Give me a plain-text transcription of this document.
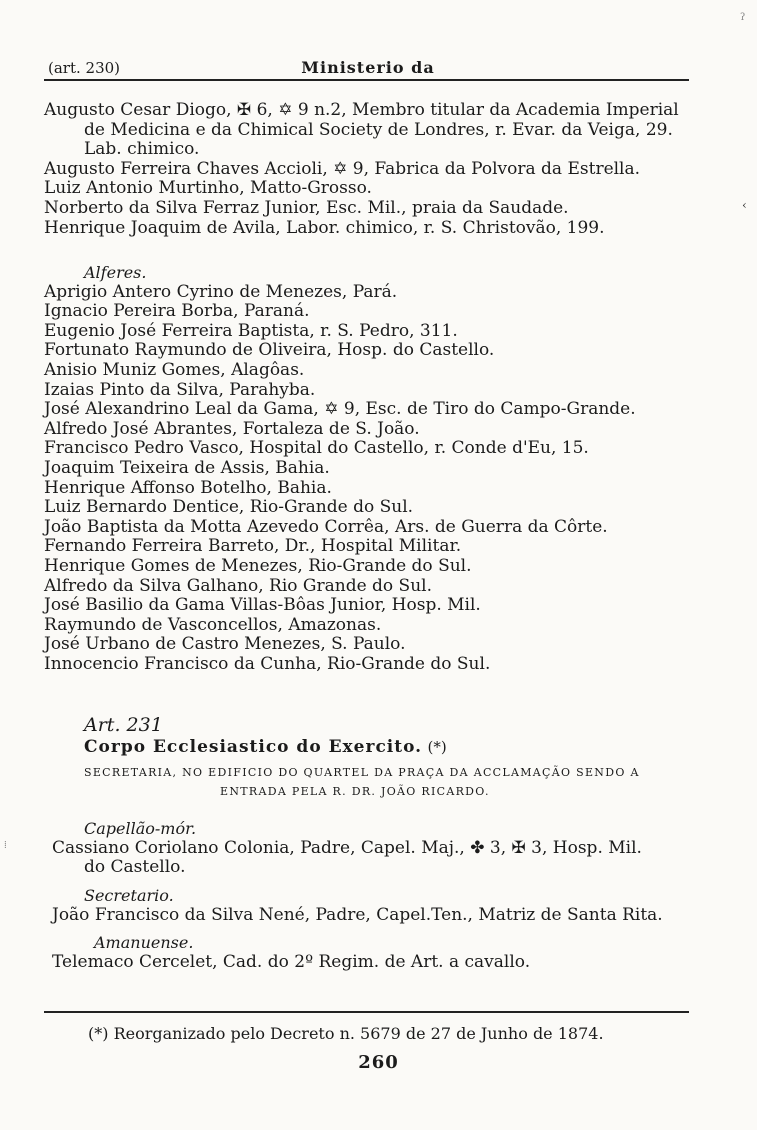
(art. 230)	Ministerio da
Augusto Cesar Diogo, ✠ 6, ✡ 9 n.2, Membro titular da Academia Imperial
de Medicina e da Chimical Society de Londres, r. Evar. da Veiga, 29.
Lab. chimico.
Augusto Ferreira Chaves Accioli, ✡ 9, Fabrica da Polvora da Estrella.
Luiz Antonio Murtinho, Matto-Grosso.
Norberto da Silva Ferraz Junior, Esc. Mil., praia da Saudade.
Henrique Joaquim de Avila, Labor. chimico, r. S. Christovão, 199.
Alferes.
Aprigio Antero Cyrino de Menezes, Pará.
Ignacio Pereira Borba, Paraná.
Eugenio José Ferreira Baptista, r. S. Pedro, 311.
Fortunato Raymundo de Oliveira, Hosp. do Castello.
Anisio Muniz Gomes, Alagôas.
Izaias Pinto da Silva, Parahyba.
José Alexandrino Leal da Gama, ✡ 9, Esc. de Tiro do Campo-Grande.
Alfredo José Abrantes, Fortaleza de S. João.
Francisco Pedro Vasco, Hospital do Castello, r. Conde d'Eu, 15.
Joaquim Teixeira de Assis, Bahia.
Henrique Affonso Botelho, Bahia.
Luiz Bernardo Dentice, Rio-Grande do Sul.
João Baptista da Motta Azevedo Corrêa, Ars. de Guerra da Côrte.
Fernando Ferreira Barreto, Dr., Hospital Militar.
Henrique Gomes de Menezes, Rio-Grande do Sul.
Alfredo da Silva Galhano, Rio Grande do Sul.
José Basilio da Gama Villas-Bôas Junior, Hosp. Mil.
Raymundo de Vasconcellos, Amazonas.
José Urbano de Castro Menezes, S. Paulo.
Innocencio Francisco da Cunha, Rio-Grande do Sul.
Art. 231
Corpo Ecclesiastico do Exercito. (*)
SECRETARIA, NO EDIFICIO DO QUARTEL DA PRAÇA DA ACCLAMAÇÃO SENDO A
ENTRADA PELA R. DR. JOÃO RICARDO.
Capellão-mór.
Cassiano Coriolano Colonia, Padre, Capel. Maj., ✤ 3, ✠ 3, Hosp. Mil.
do Castello.
Secretario.
João Francisco da Silva Nené, Padre, Capel.Ten., Matriz de Santa Rita.
Amanuense.
Telemaco Cercelet, Cad. do 2º Regim. de Art. a cavallo.
(*) Reorganizado pelo Decreto n. 5679 de 27 de Junho de 1874.
260
ʔ
‹
⁞
